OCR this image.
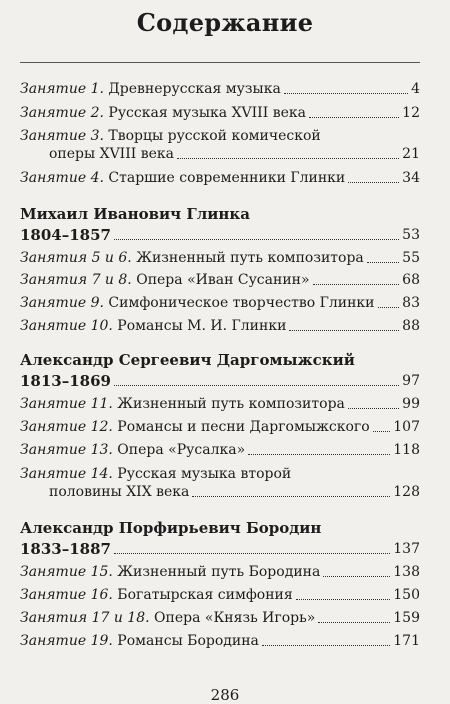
Содержание
Занятие 1. Древнерусская музыка	4
Занятие 2. Русская музыка XVIII века	12
Занятие 3. Творцы русской комической
оперы XVIII века	21
Занятие 4. Старшие современники Глинки	34
Михаил Иванович Глинка
1804–1857	53
Занятия 5 и 6. Жизненный путь композитора	55
Занятия 7 и 8. Опера «Иван Сусанин»	68
Занятие 9. Симфоническое творчество Глинки 83
Занятие 10. Романсы М. И. Глинки	88
Александр Сергеевич Даргомыжский
1813–1869	97
Занятие 11. Жизненный путь композитора	99
Занятие 12. Романсы и песни Даргомыжского 107
Занятие 13. Опера «Русалка»	118
Занятие 14. Русская музыка второй
половины XIX века	128
Александр Порфирьевич Бородин
1833–1887	137
Занятие 15. Жизненный путь Бородина	138
Занятие 16. Богатырская симфония	150
Занятия 17 и 18. Опера «Князь Игорь»	159
Занятие 19. Романсы Бородина	171
286
